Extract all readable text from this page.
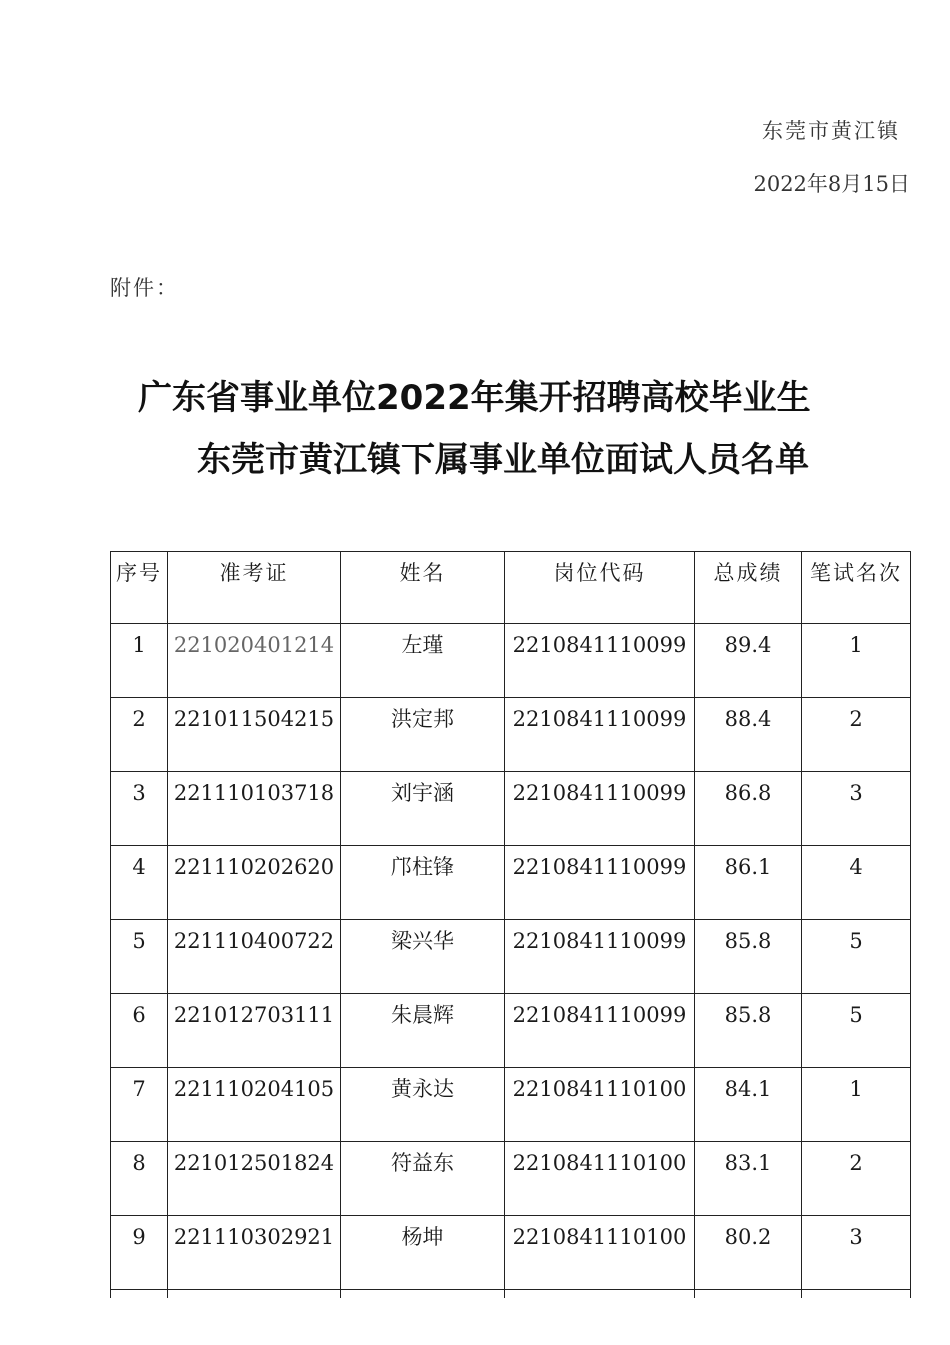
东莞市黄江镇
2022年8月15日
附件：
广东省事业单位2022年集开招聘高校毕业生
东莞市黄江镇下属事业单位面试人员名单
序号	准考证	姓名	岗位代码	总成绩	笔试名次
1	221020401214	左瑾	2210841110099	89.4	1
2	221011504215	洪定邦	2210841110099	88.4	2
3	221110103718	刘宇涵	2210841110099	86.8	3
4	221110202620	邝柱锋	2210841110099	86.1	4
5	221110400722	梁兴华	2210841110099	85.8	5
6	221012703111	朱晨辉	2210841110099	85.8	5
7	221110204105	黄永达	2210841110100	84.1	1
8	221012501824	符益东	2210841110100	83.1	2
9	221110302921	杨坤	2210841110100	80.2	3
